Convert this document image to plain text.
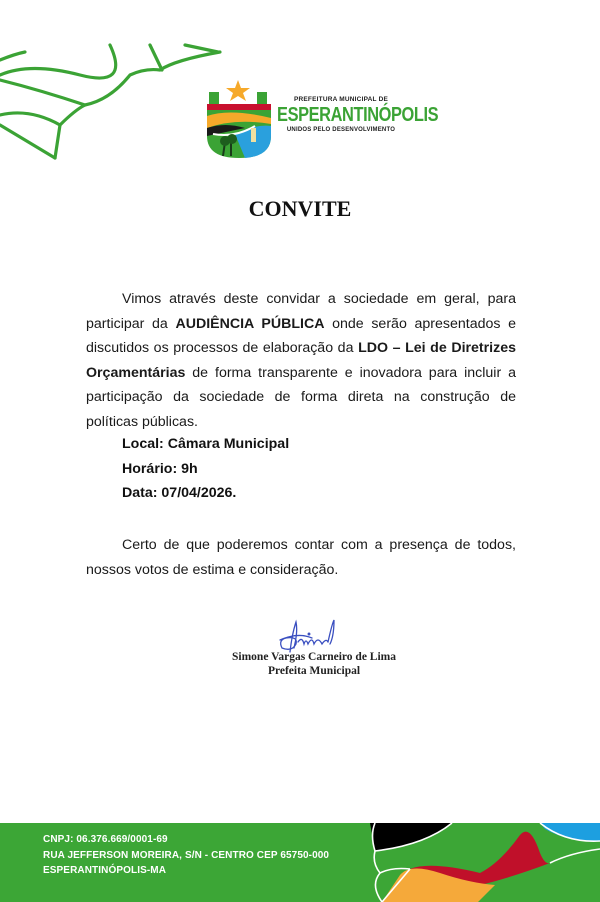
PREFEITURA MUNICIPAL DE
ESPERANTINÓPOLIS
UNIDOS PELO DESENVOLVIMENTO
CONVITE
Vimos através deste convidar a sociedade em geral, para participar da AUDIÊNCIA PÚBLICA onde serão apresentados e discutidos os processos de elaboração da LDO – Lei de Diretrizes Orçamentárias de forma transparente e inovadora para incluir a participação da sociedade de forma direta na construção de políticas públicas.
Local: Câmara Municipal
Horário: 9h
Data: 07/04/2026.
Certo de que poderemos contar com a presença de todos, nossos votos de estima e consideração.
Simone Vargas Carneiro de Lima
Prefeita Municipal
CNPJ: 06.376.669/0001-69
RUA JEFFERSON MOREIRA, S/N - CENTRO CEP 65750-000
ESPERANTINÓPOLIS-MA
